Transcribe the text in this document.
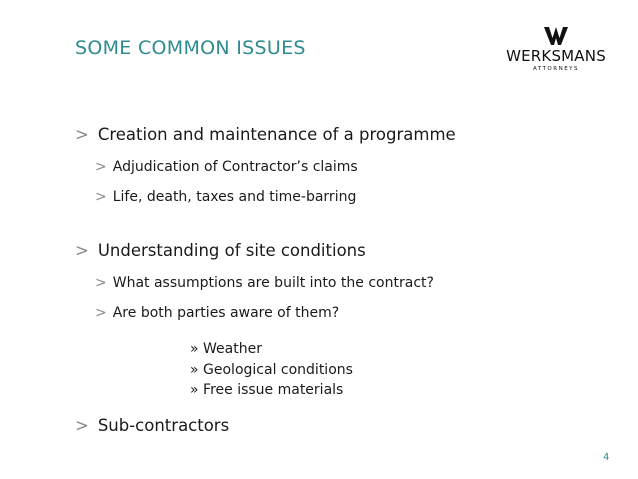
SOME COMMON ISSUES	WERKSMANS
ATTORNEYS
> Creation and maintenance of a programme
> Adjudication of Contractor’s claims
> Life, death, taxes and time-barring
> Understanding of site conditions
> What assumptions are built into the contract?
> Are both parties aware of them?
» Weather
» Geological conditions
» Free issue materials
> Sub-contractors
4
